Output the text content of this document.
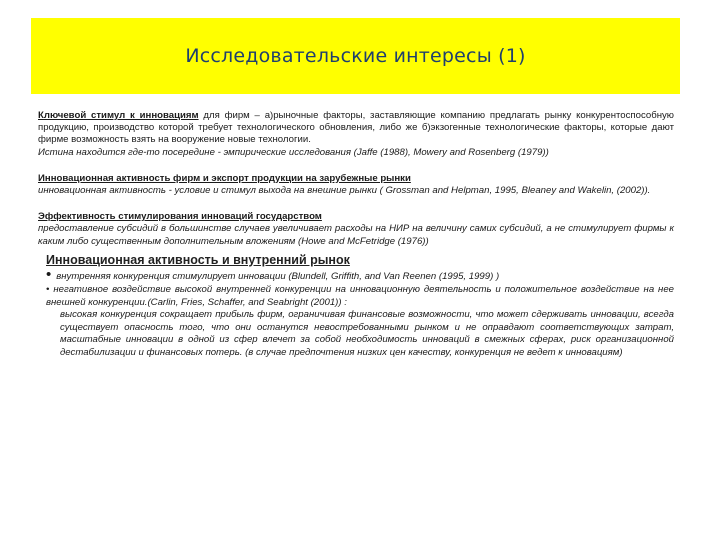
Исследовательские интересы (1)
Ключевой стимул к инновациям для фирм – а)рыночные факторы, заставляющие компанию предлагать рынку конкурентоспособную продукцию, производство которой требует технологического обновления, либо же б)экзогенные технологические факторы, которые дают фирме возможность взять на вооружение новые технологии.
Истина находится где-то посередине - эмпирические исследования (Jaffe (1988), Mowery and Rosenberg (1979))
Инновационная активность фирм и экспорт продукции на зарубежные рынки
инновационная активность - условие и стимул выхода на внешние рынки ( Grossman and Helpman, 1995, Bleaney and Wakelin, (2002)).
Эффективность стимулирования инноваций государством
предоставление субсидий в большинстве случаев увеличивает расходы на НИР на величину самих субсидий, а не стимулирует фирмы к каким либо существенным дополнительным вложениям (Howe and McFetridge (1976))
Инновационная активность и внутренний рынок
• внутренняя конкуренция стимулирует инновации (Blundell, Griffith, and Van Reenen (1995, 1999) )
• негативное воздействие высокой внутренней конкуренции на инновационную деятельность и положительное воздействие на нее внешней конкуренции.(Carlin, Fries, Schaffer, and Seabright (2001)) :
высокая конкуренция сокращает прибыль фирм, ограничивая финансовые возможности, что может сдерживать инновации, всегда существует опасность того, что они останутся невостребованными рынком и не оправдают соответствующих затрат, масштабные инновации в одной из сфер влечет за собой необходимость инноваций в смежных сферах, риск организационной дестабилизации и финансовых потерь. (в случае предпочтения низких цен качеству, конкуренция не ведет к инновациям)
